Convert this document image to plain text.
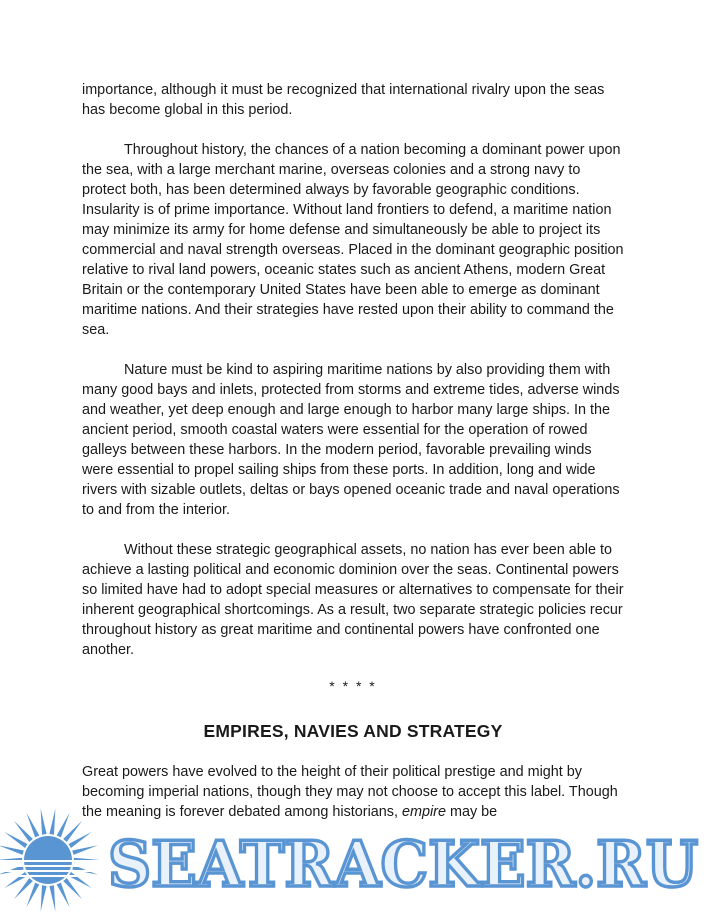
importance, although it must be recognized that international rivalry upon the seas has become global in this period.

Throughout history, the chances of a nation becoming a dominant power upon the sea, with a large merchant marine, overseas colonies and a strong navy to protect both, has been determined always by favorable geographic conditions. Insularity is of prime importance. Without land frontiers to defend, a maritime nation may minimize its army for home defense and simultaneously be able to project its commercial and naval strength overseas. Placed in the dominant geographic position relative to rival land powers, oceanic states such as ancient Athens, modern Great Britain or the contemporary United States have been able to emerge as dominant maritime nations. And their strategies have rested upon their ability to command the sea.

Nature must be kind to aspiring maritime nations by also providing them with many good bays and inlets, protected from storms and extreme tides, adverse winds and weather, yet deep enough and large enough to harbor many large ships. In the ancient period, smooth coastal waters were essential for the operation of rowed galleys between these harbors. In the modern period, favorable prevailing winds were essential to propel sailing ships from these ports. In addition, long and wide rivers with sizable outlets, deltas or bays opened oceanic trade and naval operations to and from the interior.

Without these strategic geographical assets, no nation has ever been able to achieve a lasting political and economic dominion over the seas. Continental powers so limited have had to adopt special measures or alternatives to compensate for their inherent geographical shortcomings. As a result, two separate strategic policies recur throughout history as great maritime and continental powers have confronted one another.

* * * *
EMPIRES, NAVIES AND STRATEGY

Great powers have evolved to the height of their political prestige and might by becoming imperial nations, though they may not choose to accept this label. Though the meaning is forever debated among historians, empire may be

SEATRACKER.RU
